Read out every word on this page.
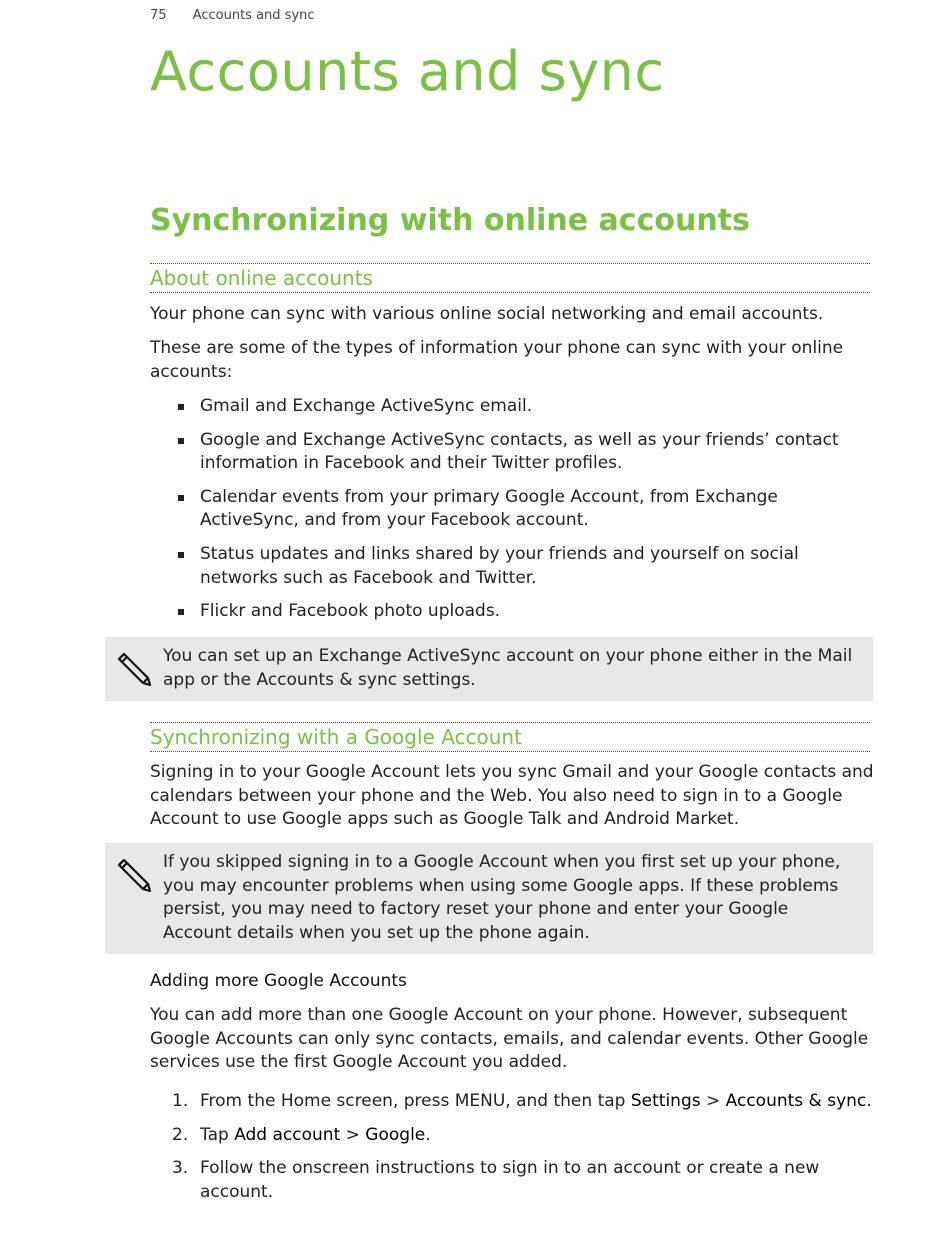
75 Accounts and sync
Accounts and sync
Synchronizing with online accounts
About online accounts

Your phone can sync with various online social networking and email accounts.

These are some of the types of information your phone can sync with your online accounts:

Gmail and Exchange ActiveSync email.
Google and Exchange ActiveSync contacts, as well as your friends’ contact information in Facebook and their Twitter profiles.
Calendar events from your primary Google Account, from Exchange ActiveSync, and from your Facebook account.
Status updates and links shared by your friends and yourself on social networks such as Facebook and Twitter.
Flickr and Facebook photo uploads.
You can set up an Exchange ActiveSync account on your phone either in the Mail app or the Accounts & sync settings.
Synchronizing with a Google Account

Signing in to your Google Account lets you sync Gmail and your Google contacts and calendars between your phone and the Web. You also need to sign in to a Google Account to use Google apps such as Google Talk and Android Market.

If you skipped signing in to a Google Account when you first set up your phone, you may encounter problems when using some Google apps. If these problems persist, you may need to factory reset your phone and enter your Google Account details when you set up the phone again.
Adding more Google Accounts

You can add more than one Google Account on your phone. However, subsequent Google Accounts can only sync contacts, emails, and calendar events. Other Google services use the first Google Account you added.

1. From the Home screen, press MENU, and then tap Settings > Accounts & sync.
2. Tap Add account > Google.
3. Follow the onscreen instructions to sign in to an account or create a new account.
